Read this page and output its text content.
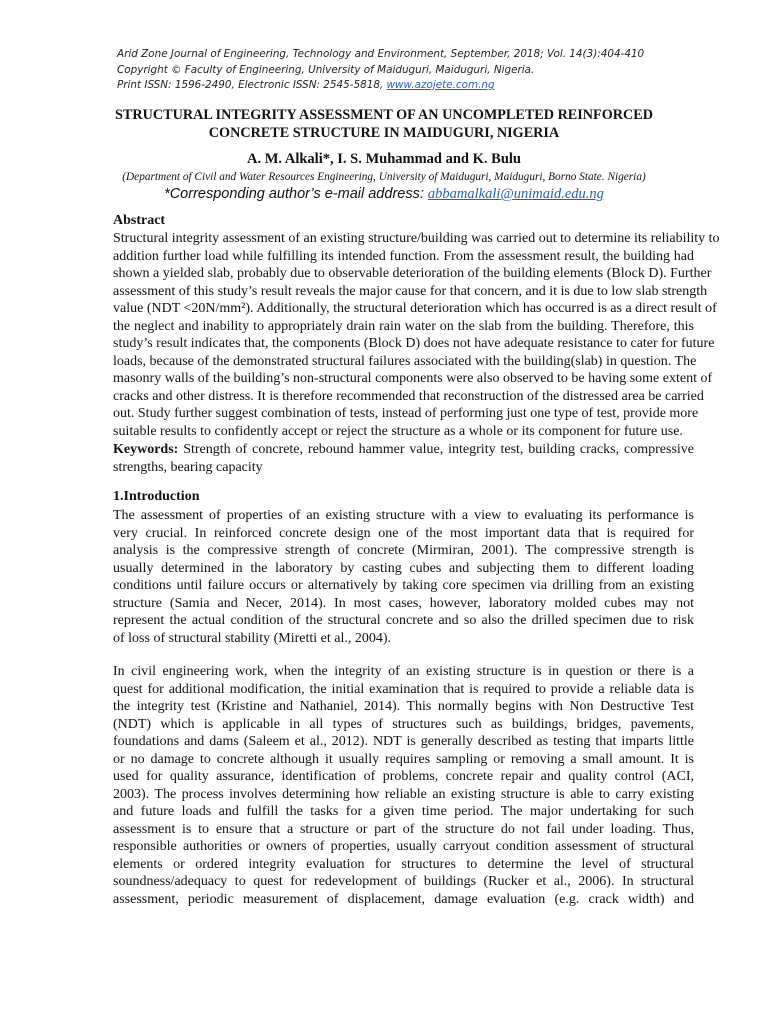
Arid Zone Journal of Engineering, Technology and Environment, September, 2018; Vol. 14(3):404-410
Copyright © Faculty of Engineering, University of Maiduguri, Maiduguri, Nigeria.
Print ISSN: 1596-2490, Electronic ISSN: 2545-5818, www.azojete.com.ng
STRUCTURAL INTEGRITY ASSESSMENT OF AN UNCOMPLETED REINFORCED
CONCRETE STRUCTURE IN MAIDUGURI, NIGERIA
A. M. Alkali*, I. S. Muhammad and K. Bulu
(Department of Civil and Water Resources Engineering, University of Maiduguri, Maiduguri, Borno State. Nigeria)
*Corresponding author’s e-mail address: abbamalkali@unimaid.edu.ng
Abstract
Structural integrity assessment of an existing structure/building was carried out to determine its reliability to
addition further load while fulfilling its intended function. From the assessment result, the building had
shown a yielded slab, probably due to observable deterioration of the building elements (Block D). Further
assessment of this study’s result reveals the major cause for that concern, and it is due to low slab strength
value (NDT <20N/mm²). Additionally, the structural deterioration which has occurred is as a direct result of
the neglect and inability to appropriately drain rain water on the slab from the building. Therefore, this
study’s result indicates that, the components (Block D) does not have adequate resistance to cater for future
loads, because of the demonstrated structural failures associated with the building(slab) in question. The
masonry walls of the building’s non-structural components were also observed to be having some extent of
cracks and other distress. It is therefore recommended that reconstruction of the distressed area be carried
out. Study further suggest combination of tests, instead of performing just one type of test, provide more
suitable results to confidently accept or reject the structure as a whole or its component for future use.
Keywords: Strength of concrete, rebound hammer value, integrity test, building cracks, compressive
strengths, bearing capacity
1.Introduction
The assessment of properties of an existing structure with a view to evaluating its performance is
very crucial. In reinforced concrete design one of the most important data that is required for
analysis is the compressive strength of concrete (Mirmiran, 2001). The compressive strength is
usually determined in the laboratory by casting cubes and subjecting them to different loading
conditions until failure occurs or alternatively by taking core specimen via drilling from an existing
structure (Samia and Necer, 2014). In most cases, however, laboratory molded cubes may not
represent the actual condition of the structural concrete and so also the drilled specimen due to risk
of loss of structural stability (Miretti et al., 2004).
In civil engineering work, when the integrity of an existing structure is in question or there is a
quest for additional modification, the initial examination that is required to provide a reliable data is
the integrity test (Kristine and Nathaniel, 2014). This normally begins with Non Destructive Test
(NDT) which is applicable in all types of structures such as buildings, bridges, pavements,
foundations and dams (Saleem et al., 2012). NDT is generally described as testing that imparts little
or no damage to concrete although it usually requires sampling or removing a small amount. It is
used for quality assurance, identification of problems, concrete repair and quality control (ACI,
2003). The process involves determining how reliable an existing structure is able to carry existing
and future loads and fulfill the tasks for a given time period. The major undertaking for such
assessment is to ensure that a structure or part of the structure do not fail under loading. Thus,
responsible authorities or owners of properties, usually carryout condition assessment of structural
elements or ordered integrity evaluation for structures to determine the level of structural
soundness/adequacy to quest for redevelopment of buildings (Rucker et al., 2006). In structural
assessment, periodic measurement of displacement, damage evaluation (e.g. crack width) and
